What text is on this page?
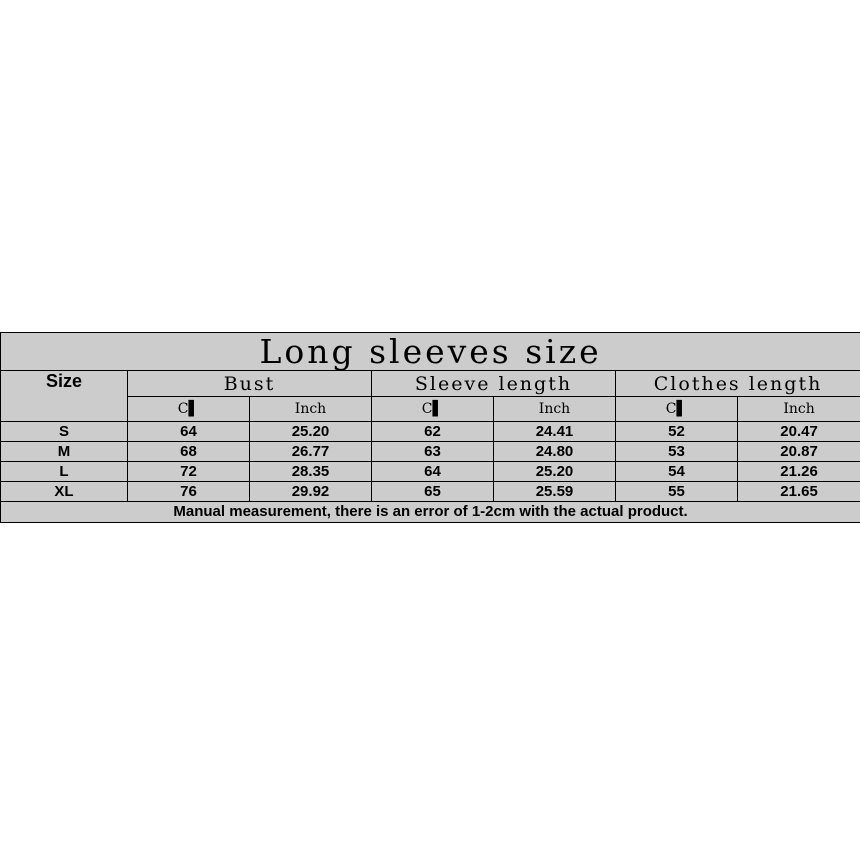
Long sleeves size						
Size	Bust		Sleeve length		Clothes length	
	C▌	Inch	C▌	Inch	C▌	Inch
S	64	25.20	62	24.41	52	20.47
M	68	26.77	63	24.80	53	20.87
L	72	28.35	64	25.20	54	21.26
XL	76	29.92	65	25.59	55	21.65
Manual measurement, there is an error of 1-2cm with the actual product.						
